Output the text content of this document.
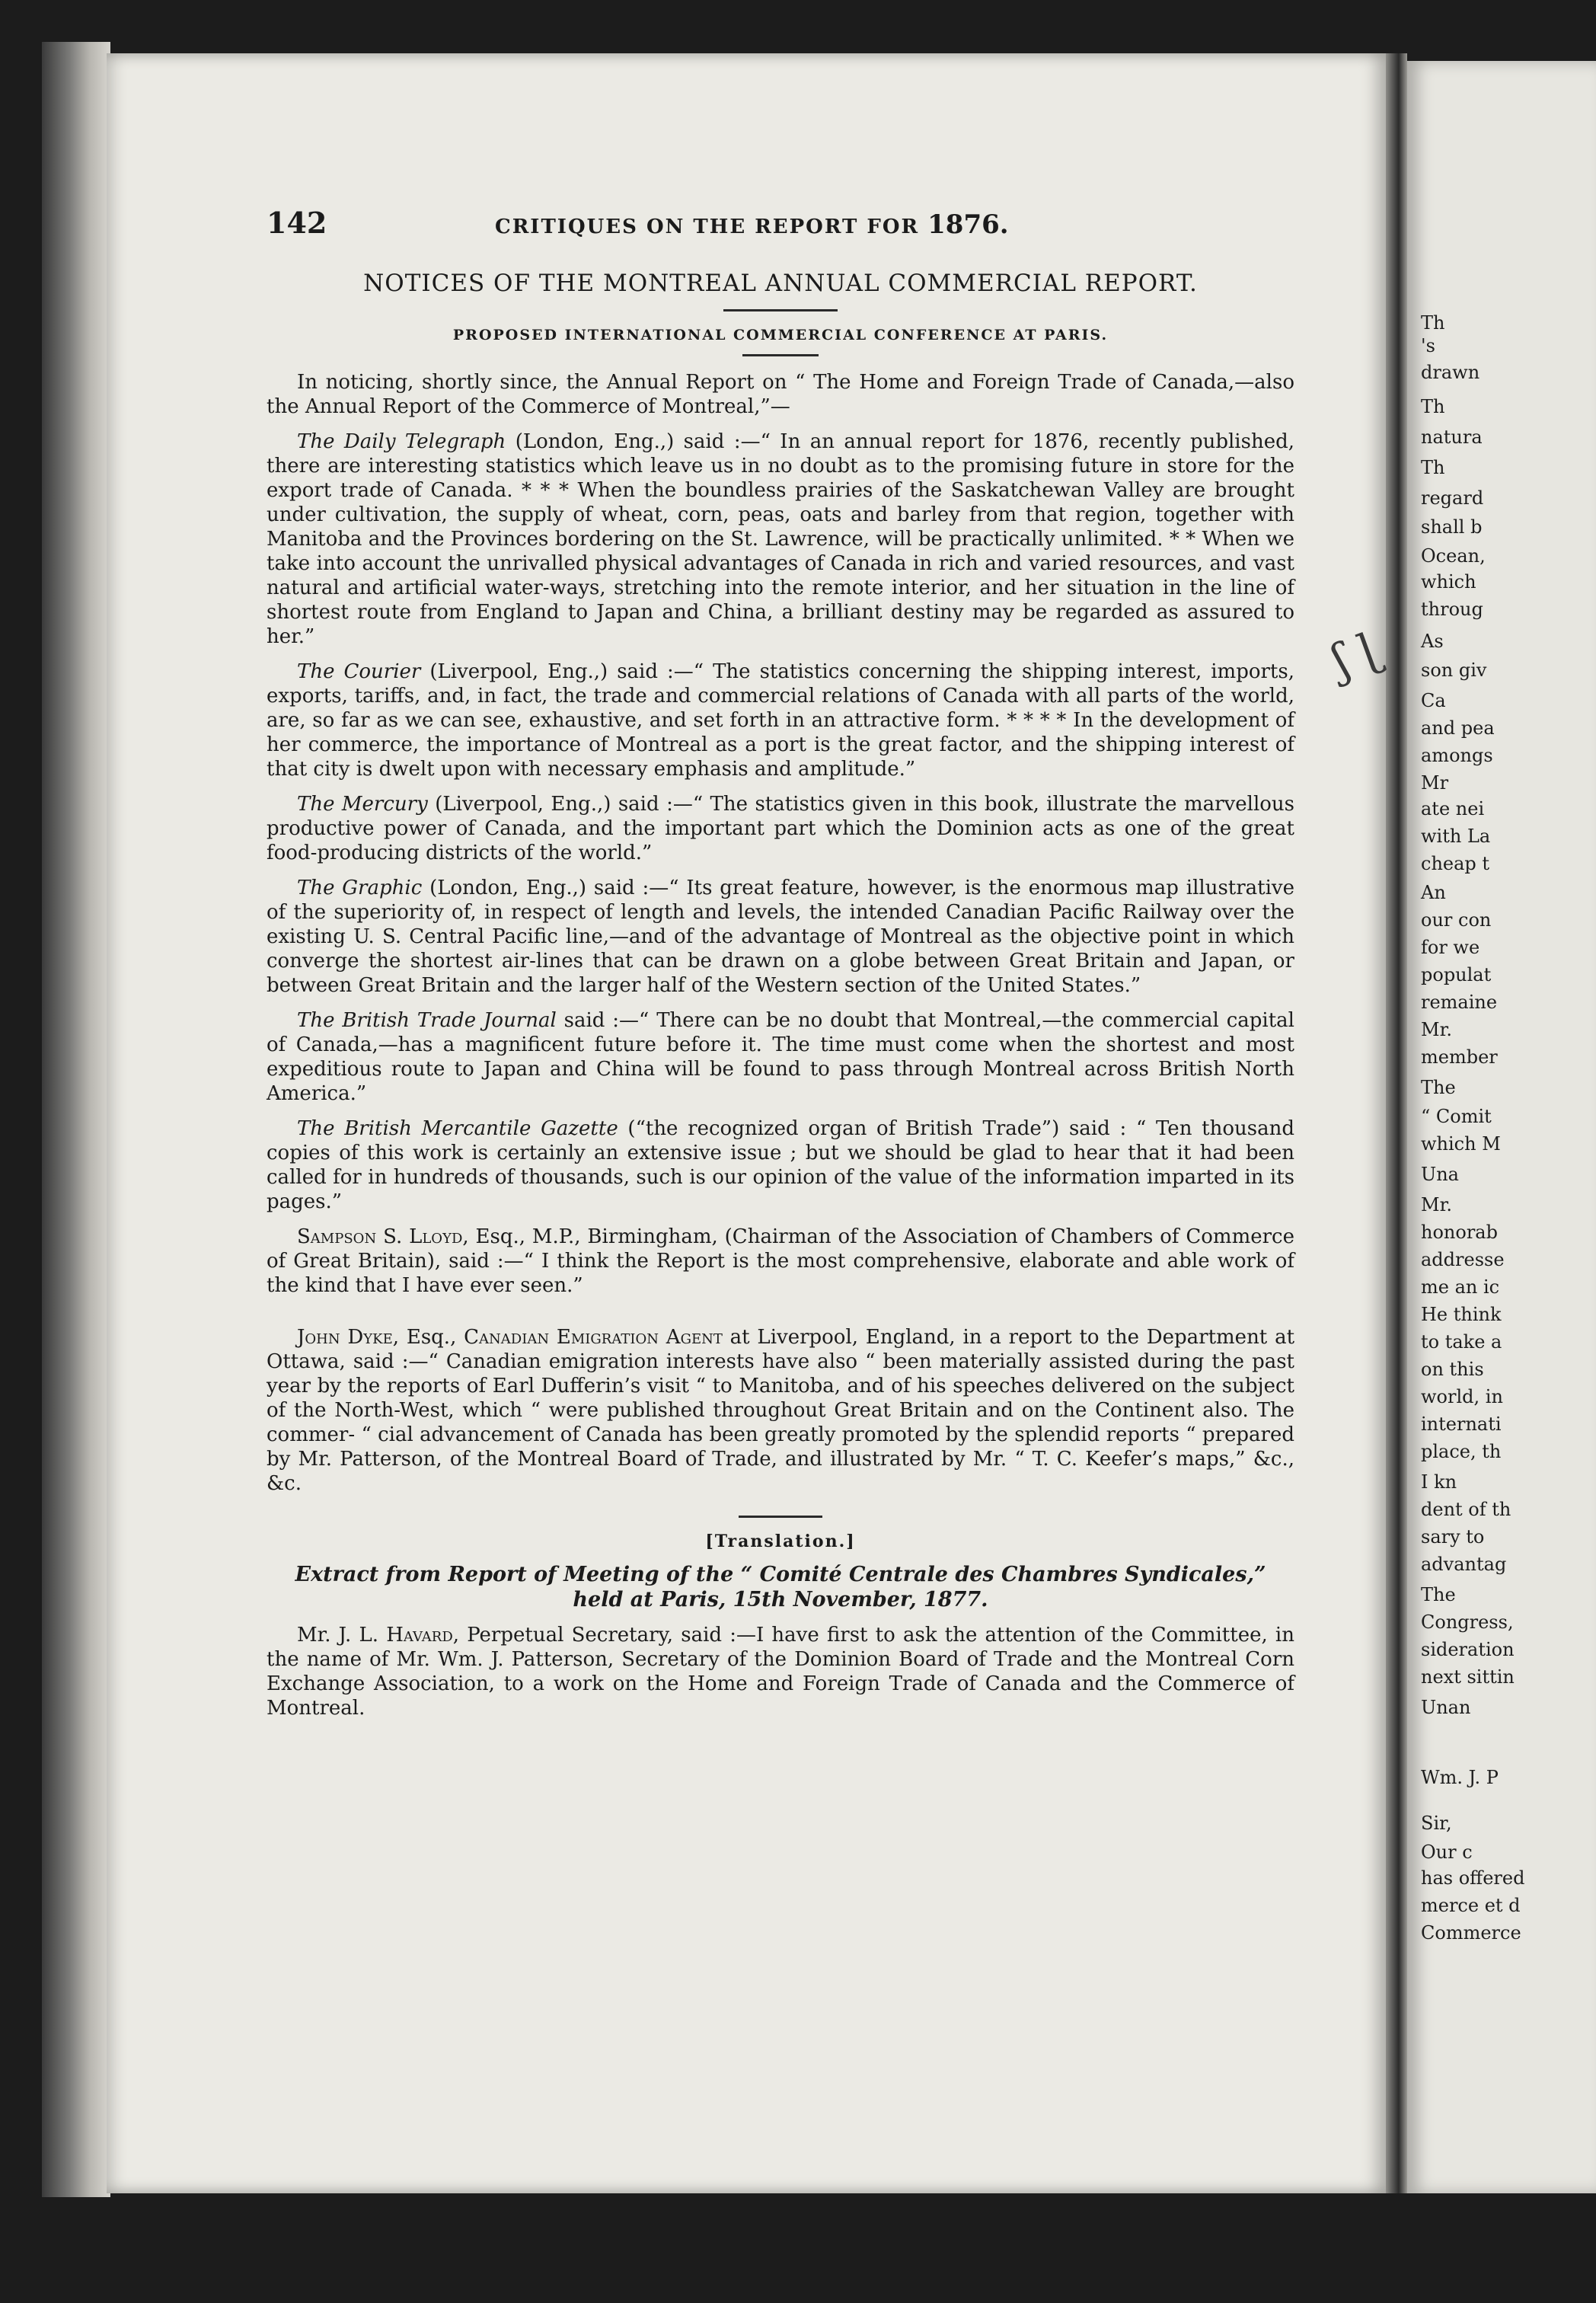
Th
's
drawn
Th
natura
Th
regard
shall b
Ocean,
which
throug
As
son giv
Ca
and pea
amongs
Mr
ate nei
with La
cheap t
An
our con
for we
populat
remaine
Mr.
member
The
“ Comit
which M
Una
Mr.
honorab
addresse
me an ic
He think
to take a
on this
world, in
internati
place, th
I kn
dent of th
sary to
advantag
The
Congress,
sideration
next sittin
Unan
Wm. J. P
Sir,
Our c
has offered
merce et d
Commerce
ʃ ɭ
142	CRITIQUES ON THE REPORT FOR 1876.
NOTICES OF THE MONTREAL ANNUAL COMMERCIAL REPORT.
PROPOSED INTERNATIONAL COMMERCIAL CONFERENCE AT PARIS.

In noticing, shortly since, the Annual Report on “ The Home and Foreign Trade of Canada,—also the Annual Report of the Commerce of Montreal,”—

The Daily Telegraph (London, Eng.,) said :—“ In an annual report for 1876, recently published, there are interesting statistics which leave us in no doubt as to the promising future in store for the export trade of Canada. * * * When the boundless prairies of the Saskatchewan Valley are brought under cultivation, the supply of wheat, corn, peas, oats and barley from that region, together with Manitoba and the Provinces bordering on the St. Lawrence, will be practically unlimited. * * When we take into account the unrivalled physical advantages of Canada in rich and varied resources, and vast natural and artificial water-ways, stretching into the remote interior, and her situation in the line of shortest route from England to Japan and China, a brilliant destiny may be regarded as assured to her.”

The Courier (Liverpool, Eng.,) said :—“ The statistics concerning the shipping interest, imports, exports, tariffs, and, in fact, the trade and commercial relations of Canada with all parts of the world, are, so far as we can see, exhaustive, and set forth in an attractive form. * * * * In the development of her commerce, the importance of Montreal as a port is the great factor, and the shipping interest of that city is dwelt upon with necessary emphasis and amplitude.”

The Mercury (Liverpool, Eng.,) said :—“ The statistics given in this book, illustrate the marvellous productive power of Canada, and the important part which the Dominion acts as one of the great food-producing districts of the world.”

The Graphic (London, Eng.,) said :—“ Its great feature, however, is the enormous map illustrative of the superiority of, in respect of length and levels, the intended Canadian Pacific Railway over the existing U. S. Central Pacific line,—and of the advantage of Montreal as the objective point in which converge the shortest air-lines that can be drawn on a globe between Great Britain and Japan, or between Great Britain and the larger half of the Western section of the United States.”

The British Trade Journal said :—“ There can be no doubt that Montreal,—the commercial capital of Canada,—has a magnificent future before it. The time must come when the shortest and most expeditious route to Japan and China will be found to pass through Montreal across British North America.”

The British Mercantile Gazette (“the recognized organ of British Trade”) said : “ Ten thousand copies of this work is certainly an extensive issue ; but we should be glad to hear that it had been called for in hundreds of thousands, such is our opinion of the value of the information imparted in its pages.”

Sampson S. Lloyd, Esq., M.P., Birmingham, (Chairman of the Association of Chambers of Commerce of Great Britain), said :—“ I think the Report is the most comprehensive, elaborate and able work of the kind that I have ever seen.”

John Dyke, Esq., Canadian Emigration Agent at Liverpool, England, in a report to the Department at Ottawa, said :—“ Canadian emigration interests have also “ been materially assisted during the past year by the reports of Earl Dufferin’s visit “ to Manitoba, and of his speeches delivered on the subject of the North-West, which “ were published throughout Great Britain and on the Continent also. The commer- “ cial advancement of Canada has been greatly promoted by the splendid reports “ prepared by Mr. Patterson, of the Montreal Board of Trade, and illustrated by Mr. “ T. C. Keefer’s maps,” &c., &c.

[Translation.]
Extract from Report of Meeting of the “ Comité Centrale des Chambres Syndicales,”
held at Paris, 15th November, 1877.

Mr. J. L. Havard, Perpetual Secretary, said :—I have first to ask the attention of the Committee, in the name of Mr. Wm. J. Patterson, Secretary of the Dominion Board of Trade and the Montreal Corn Exchange Association, to a work on the Home and Foreign Trade of Canada and the Commerce of Montreal.
